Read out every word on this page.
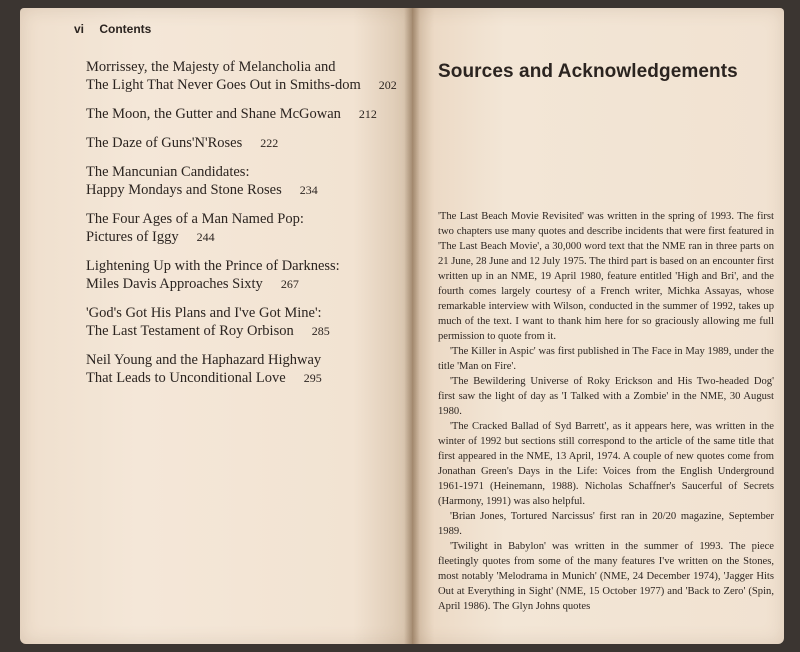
vi Contents
Morrissey, the Majesty of Melancholia and
The Light That Never Goes Out in Smiths-dom 202
The Moon, the Gutter and Shane McGowan 212
The Daze of Guns'N'Roses 222
The Mancunian Candidates:
Happy Mondays and Stone Roses 234
The Four Ages of a Man Named Pop:
Pictures of Iggy 244
Lightening Up with the Prince of Darkness:
Miles Davis Approaches Sixty 267
'God's Got His Plans and I've Got Mine':
The Last Testament of Roy Orbison 285
Neil Young and the Haphazard Highway
That Leads to Unconditional Love 295
Sources and Acknowledgements

'The Last Beach Movie Revisited' was written in the spring of 1993. The first two chapters use many quotes and describe incidents that were first featured in 'The Last Beach Movie', a 30,000 word text that the NME ran in three parts on 21 June, 28 June and 12 July 1975. The third part is based on an encounter first written up in an NME, 19 April 1980, feature entitled 'High and Bri', and the fourth comes largely courtesy of a French writer, Michka Assayas, whose remarkable interview with Wilson, conducted in the summer of 1992, takes up much of the text. I want to thank him here for so graciously allowing me full permission to quote from it.

'The Killer in Aspic' was first published in The Face in May 1989, under the title 'Man on Fire'.

'The Bewildering Universe of Roky Erickson and His Two-headed Dog' first saw the light of day as 'I Talked with a Zombie' in the NME, 30 August 1980.

'The Cracked Ballad of Syd Barrett', as it appears here, was written in the winter of 1992 but sections still correspond to the article of the same title that first appeared in the NME, 13 April, 1974. A couple of new quotes come from Jonathan Green's Days in the Life: Voices from the English Underground 1961-1971 (Heinemann, 1988). Nicholas Schaffner's Saucerful of Secrets (Harmony, 1991) was also helpful.

'Brian Jones, Tortured Narcissus' first ran in 20/20 magazine, September 1989.

'Twilight in Babylon' was written in the summer of 1993. The piece fleetingly quotes from some of the many features I've written on the Stones, most notably 'Melodrama in Munich' (NME, 24 December 1974), 'Jagger Hits Out at Everything in Sight' (NME, 15 October 1977) and 'Back to Zero' (Spin, April 1986). The Glyn Johns quotes
